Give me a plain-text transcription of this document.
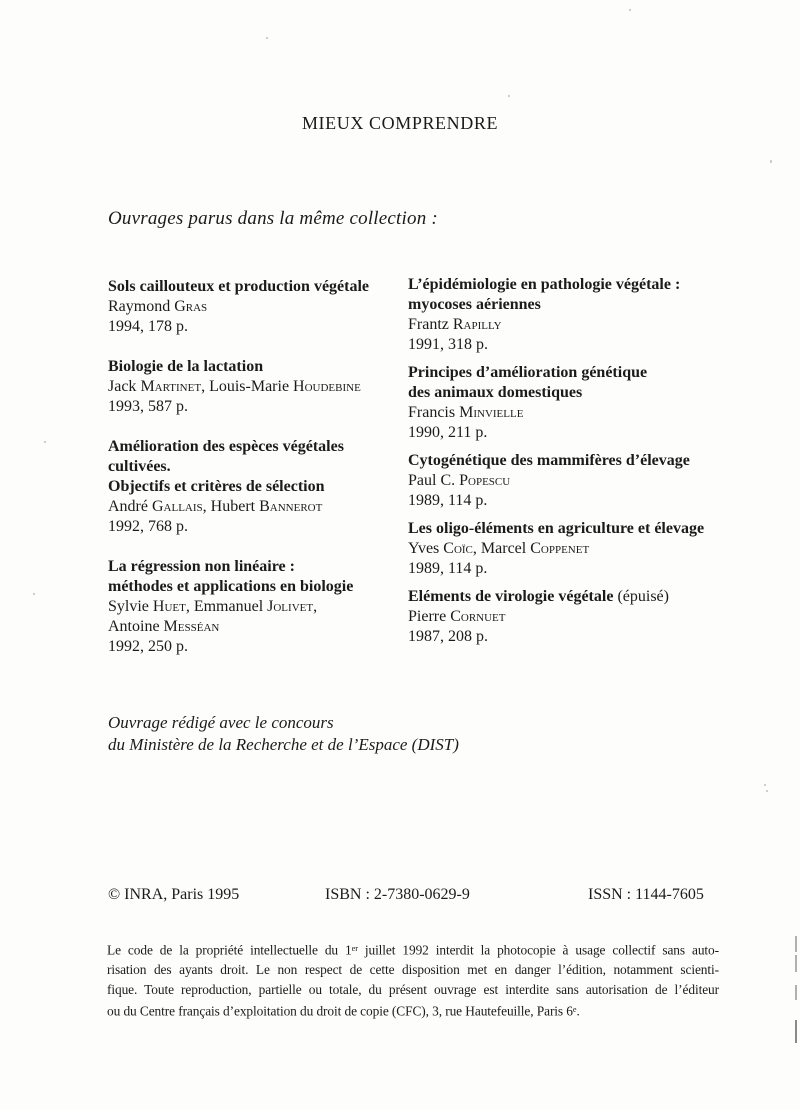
MIEUX COMPRENDRE
Ouvrages parus dans la même collection :
Sols caillouteux et production végétale
Raymond Gras
1994, 178 p.
Biologie de la lactation
Jack Martinet, Louis-Marie Houdebine
1993, 587 p.
Amélioration des espèces végétales
cultivées.
Objectifs et critères de sélection
André Gallais, Hubert Bannerot
1992, 768 p.
La régression non linéaire :
méthodes et applications en biologie
Sylvie Huet, Emmanuel Jolivet,
Antoine Messéan
1992, 250 p.
L’épidémiologie en pathologie végétale :
myocoses aériennes
Frantz Rapilly
1991, 318 p.
Principes d’amélioration génétique
des animaux domestiques
Francis Minvielle
1990, 211 p.
Cytogénétique des mammifères d’élevage
Paul C. Popescu
1989, 114 p.
Les oligo-éléments en agriculture et élevage
Yves Coïc, Marcel Coppenet
1989, 114 p.
Eléments de virologie végétale (épuisé)
Pierre Cornuet
1987, 208 p.
Ouvrage rédigé avec le concours
du Ministère de la Recherche et de l’Espace (DIST)
© INRA, Paris 1995	ISBN : 2-7380-0629-9	ISSN : 1144-7605
Le code de la propriété intellectuelle du 1er juillet 1992 interdit la photocopie à usage collectif sans auto-
risation des ayants droit. Le non respect de cette disposition met en danger l’édition, notamment scienti-
fique. Toute reproduction, partielle ou totale, du présent ouvrage est interdite sans autorisation de l’éditeur
ou du Centre français d’exploitation du droit de copie (CFC), 3, rue Hautefeuille, Paris 6e.
